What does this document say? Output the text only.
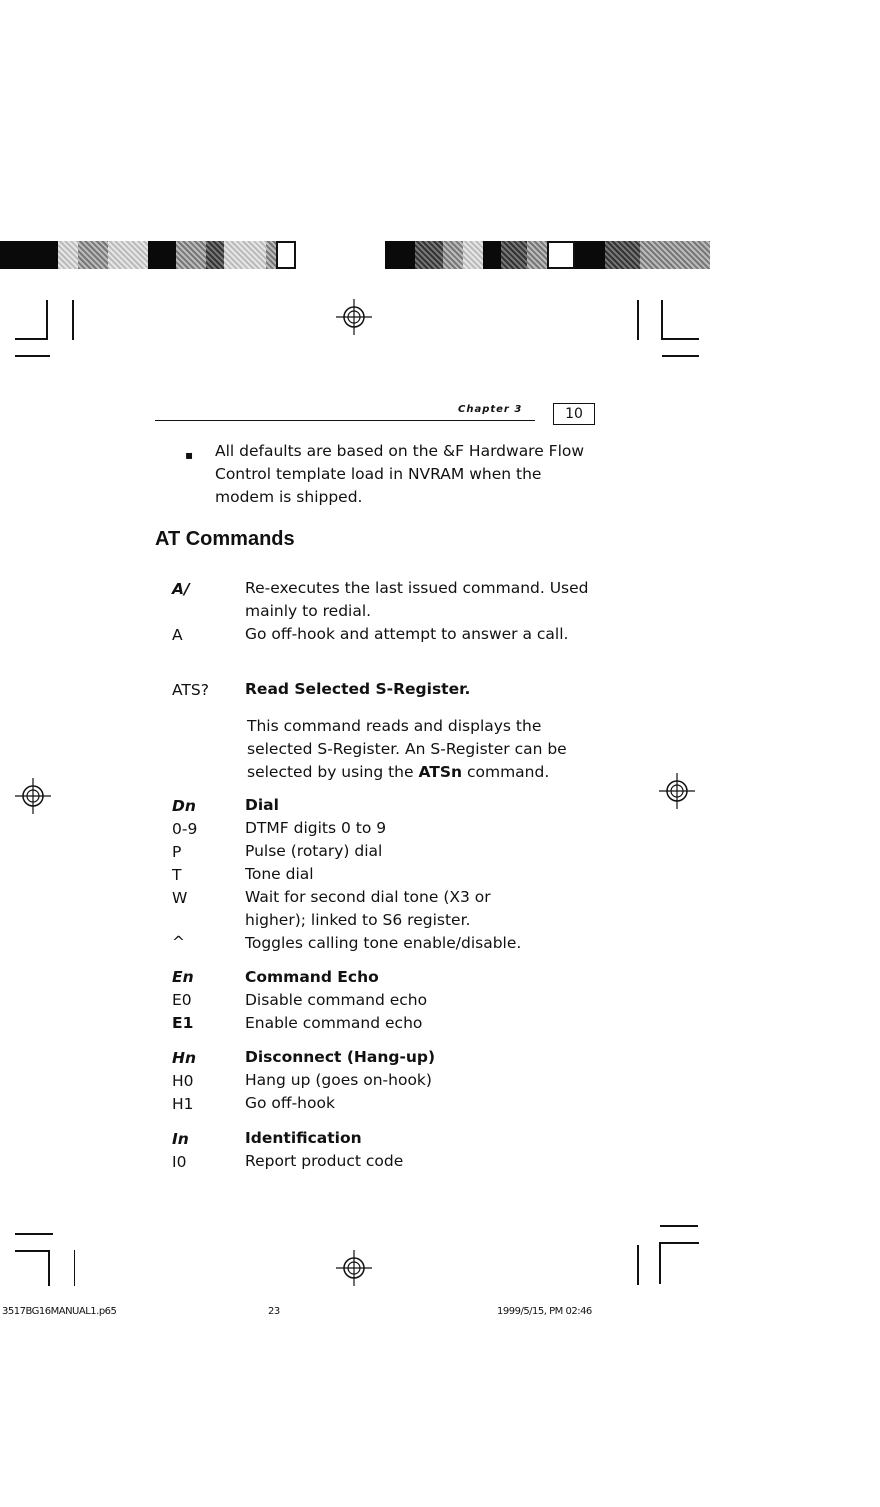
Chapter 3	10
▪ All defaults are based on the &F Hardware Flow Control template load in NVRAM when the modem is shipped.
AT Commands
A/	Re-executes the last issued command. Used mainly to redial.
A	Go off-hook and attempt to answer a call.
ATS? Read Selected S-Register.
This command reads and displays the selected S-Register. An S-Register can be selected by using the ATSn command.
Dn	Dial
0-9	DTMF digits 0 to 9
P	Pulse (rotary) dial
T	Tone dial
W	Wait for second dial tone (X3 or higher); linked to S6 register.
^	Toggles calling tone enable/disable.
En	Command Echo
E0	Disable command echo
E1	Enable command echo
Hn	Disconnect (Hang-up)
H0	Hang up (goes on-hook)
H1	Go off-hook
In	Identification
I0	Report product code
3517BG16MANUAL1.p65	23	1999/5/15, PM 02:46
